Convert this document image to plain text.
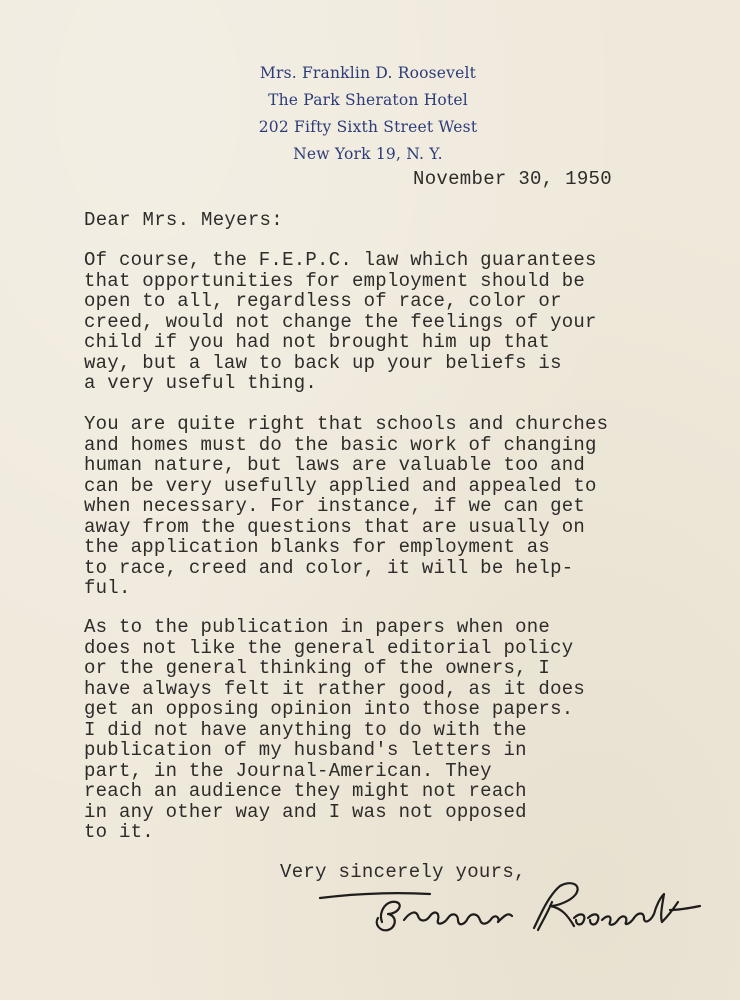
Mrs. Franklin D. Roosevelt
The Park Sheraton Hotel
202 Fifty Sixth Street West
New York 19, N. Y.
November 30, 1950
Dear Mrs. Meyers:
Of course, the F.E.P.C. law which guarantees
that opportunities for employment should be
open to all, regardless of race, color or
creed, would not change the feelings of your
child if you had not brought him up that
way, but a law to back up your beliefs is
a very useful thing.
You are quite right that schools and churches
and homes must do the basic work of changing
human nature, but laws are valuable too and
can be very usefully applied and appealed to
when necessary. For instance, if we can get
away from the questions that are usually on
the application blanks for employment as
to race, creed and color, it will be help-
ful.
As to the publication in papers when one
does not like the general editorial policy
or the general thinking of the owners, I
have always felt it rather good, as it does
get an opposing opinion into those papers.
I did not have anything to do with the
publication of my husband's letters in
part, in the Journal-American. They
reach an audience they might not reach
in any other way and I was not opposed
to it.
Very sincerely yours,
